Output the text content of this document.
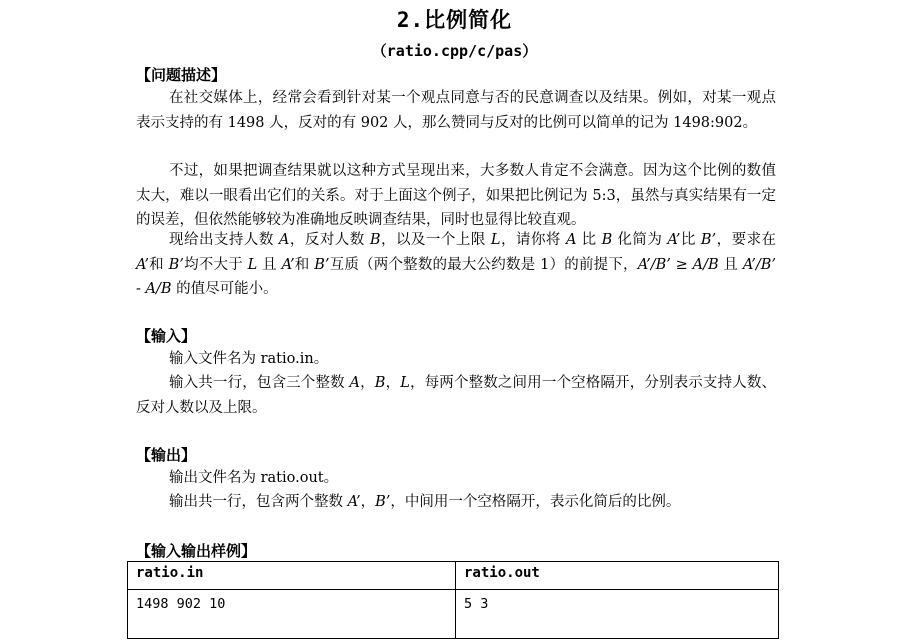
2.比例简化
（ratio.cpp/c/pas）
【问题描述】

在社交媒体上，经常会看到针对某一个观点同意与否的民意调查以及结果。例如，对某一观点表示支持的有 1498 人，反对的有 902 人，那么赞同与反对的比例可以简单的记为 1498:902。

不过，如果把调查结果就以这种方式呈现出来，大多数人肯定不会满意。因为这个比例的数值太大，难以一眼看出它们的关系。对于上面这个例子，如果把比例记为 5:3，虽然与真实结果有一定的误差，但依然能够较为准确地反映调查结果，同时也显得比较直观。

现给出支持人数 A，反对人数 B，以及一个上限 L，请你将 A 比 B 化简为 A’比 B’，要求在 A’和 B’均不大于 L 且 A’和 B’互质（两个整数的最大公约数是 1）的前提下，A’/B’ ≥ A/B 且 A’/B’ - A/B 的值尽可能小。

【输入】

输入文件名为 ratio.in。

输入共一行，包含三个整数 A，B，L，每两个整数之间用一个空格隔开，分别表示支持人数、反对人数以及上限。

【输出】

输出文件名为 ratio.out。

输出共一行，包含两个整数 A’，B’，中间用一个空格隔开，表示化简后的比例。

【输入输出样例】
ratio.in	ratio.out
1498 902 10	5 3
